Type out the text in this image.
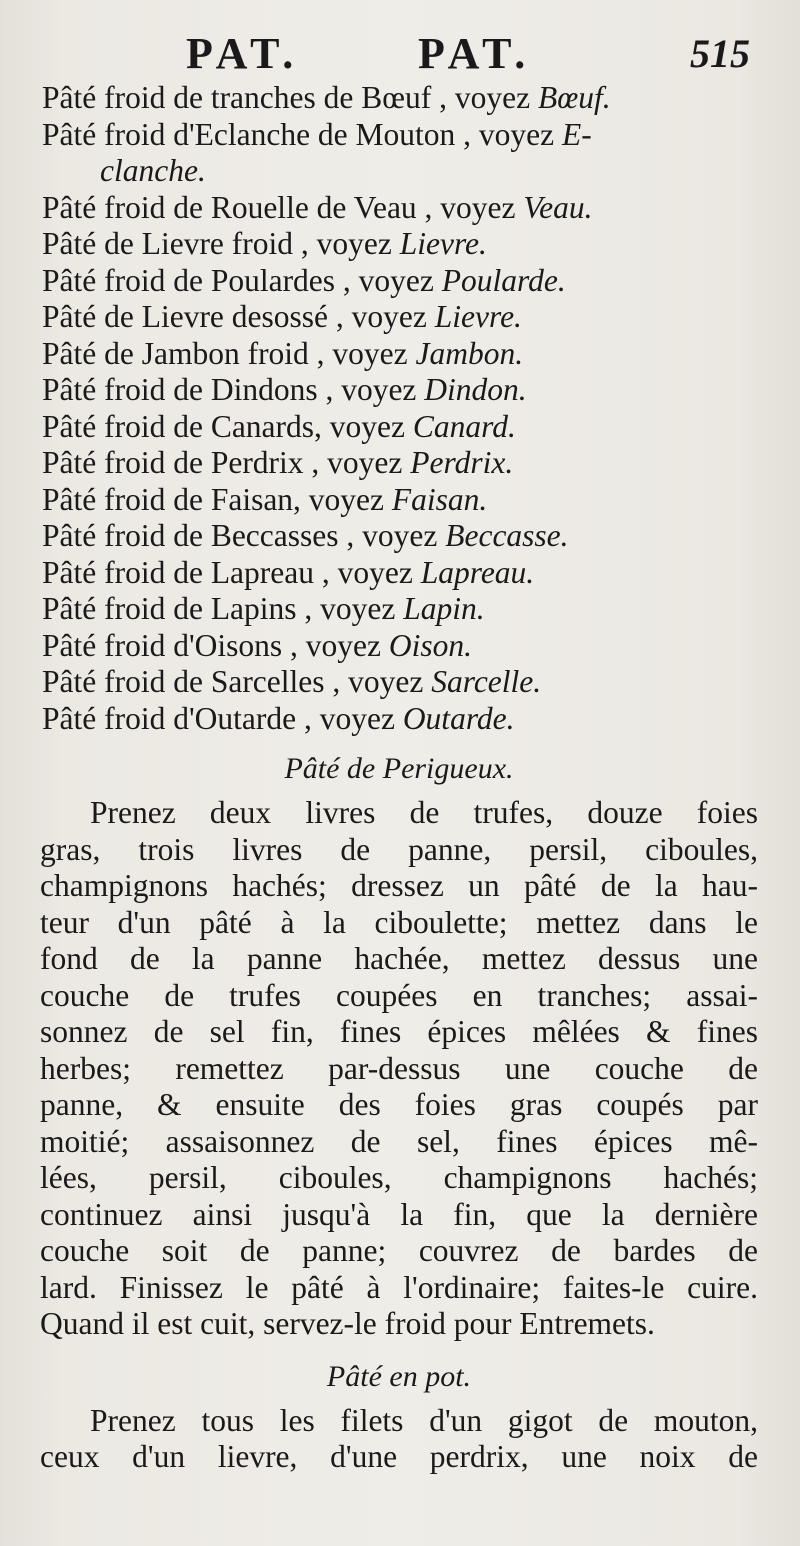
PAT.	PAT.	515
Pâté froid de tranches de Bœuf , voyez Bœuf.
Pâté froid d'Eclanche de Mouton , voyez E-
clanche.
Pâté froid de Rouelle de Veau , voyez Veau.
Pâté de Lievre froid , voyez Lievre.
Pâté froid de Poulardes , voyez Poularde.
Pâté de Lievre desossé , voyez Lievre.
Pâté de Jambon froid , voyez Jambon.
Pâté froid de Dindons , voyez Dindon.
Pâté froid de Canards, voyez Canard.
Pâté froid de Perdrix , voyez Perdrix.
Pâté froid de Faisan, voyez Faisan.
Pâté froid de Beccasses , voyez Beccasse.
Pâté froid de Lapreau , voyez Lapreau.
Pâté froid de Lapins , voyez Lapin.
Pâté froid d'Oisons , voyez Oison.
Pâté froid de Sarcelles , voyez Sarcelle.
Pâté froid d'Outarde , voyez Outarde.
Pâté de Perigueux.
Prenez deux livres de trufes, douze foies
gras, trois livres de panne, persil, ciboules,
champignons hachés; dressez un pâté de la hau-
teur d'un pâté à la ciboulette; mettez dans le
fond de la panne hachée, mettez dessus une
couche de trufes coupées en tranches; assai-
sonnez de sel fin, fines épices mêlées & fines
herbes; remettez par-dessus une couche de
panne, & ensuite des foies gras coupés par
moitié; assaisonnez de sel, fines épices mê-
lées, persil, ciboules, champignons hachés;
continuez ainsi jusqu'à la fin, que la dernière
couche soit de panne; couvrez de bardes de
lard. Finissez le pâté à l'ordinaire; faites-le cuire.
Quand il est cuit, servez-le froid pour Entremets.
Pâté en pot.
Prenez tous les filets d'un gigot de mouton,
ceux d'un lievre, d'une perdrix, une noix de
